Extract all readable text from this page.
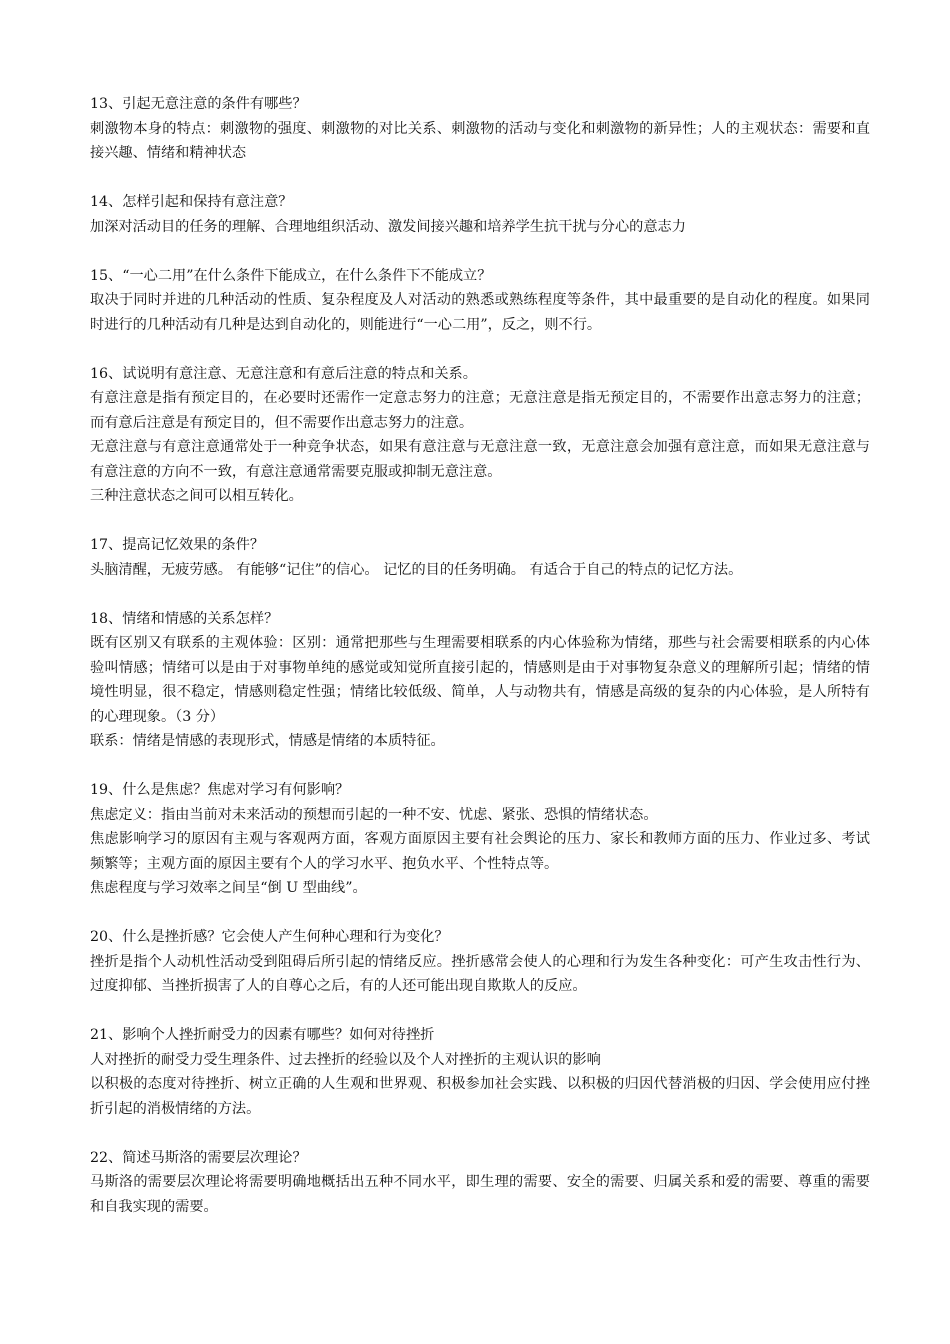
13、引起无意注意的条件有哪些？

刺激物本身的特点：刺激物的强度、刺激物的对比关系、刺激物的活动与变化和刺激物的新异性；人的主观状态：需要和直接兴趣、情绪和精神状态

14、怎样引起和保持有意注意？

加深对活动目的任务的理解、合理地组织活动、激发间接兴趣和培养学生抗干扰与分心的意志力

15、“一心二用”在什么条件下能成立，在什么条件下不能成立？

取决于同时并进的几种活动的性质、复杂程度及人对活动的熟悉或熟练程度等条件，其中最重要的是自动化的程度。如果同时进行的几种活动有几种是达到自动化的，则能进行“一心二用”，反之，则不行。

16、试说明有意注意、无意注意和有意后注意的特点和关系。

有意注意是指有预定目的，在必要时还需作一定意志努力的注意；无意注意是指无预定目的，不需要作出意志努力的注意；而有意后注意是有预定目的，但不需要作出意志努力的注意。

无意注意与有意注意通常处于一种竞争状态，如果有意注意与无意注意一致，无意注意会加强有意注意，而如果无意注意与有意注意的方向不一致，有意注意通常需要克服或抑制无意注意。

三种注意状态之间可以相互转化。

17、提高记忆效果的条件？

头脑清醒，无疲劳感。 有能够“记住”的信心。 记忆的目的任务明确。 有适合于自己的特点的记忆方法。

18、情绪和情感的关系怎样？

既有区别又有联系的主观体验：区别：通常把那些与生理需要相联系的内心体验称为情绪，那些与社会需要相联系的内心体验叫情感；情绪可以是由于对事物单纯的感觉或知觉所直接引起的，情感则是由于对事物复杂意义的理解所引起；情绪的情境性明显，很不稳定，情感则稳定性强；情绪比较低级、简单，人与动物共有，情感是高级的复杂的内心体验，是人所特有的心理现象。（3 分）

联系：情绪是情感的表现形式，情感是情绪的本质特征。

19、什么是焦虑？焦虑对学习有何影响？

焦虑定义：指由当前对未来活动的预想而引起的一种不安、忧虑、紧张、恐惧的情绪状态。

焦虑影响学习的原因有主观与客观两方面，客观方面原因主要有社会舆论的压力、家长和教师方面的压力、作业过多、考试频繁等；主观方面的原因主要有个人的学习水平、抱负水平、个性特点等。

焦虑程度与学习效率之间呈“倒 U 型曲线”。

20、什么是挫折感？它会使人产生何种心理和行为变化？

挫折是指个人动机性活动受到阻碍后所引起的情绪反应。挫折感常会使人的心理和行为发生各种变化：可产生攻击性行为、过度抑郁、当挫折损害了人的自尊心之后，有的人还可能出现自欺欺人的反应。

21、影响个人挫折耐受力的因素有哪些？如何对待挫折

人对挫折的耐受力受生理条件、过去挫折的经验以及个人对挫折的主观认识的影响

以积极的态度对待挫折、树立正确的人生观和世界观、积极参加社会实践、以积极的归因代替消极的归因、学会使用应付挫折引起的消极情绪的方法。

22、简述马斯洛的需要层次理论？

马斯洛的需要层次理论将需要明确地概括出五种不同水平，即生理的需要、安全的需要、归属关系和爱的需要、尊重的需要和自我实现的需要。
